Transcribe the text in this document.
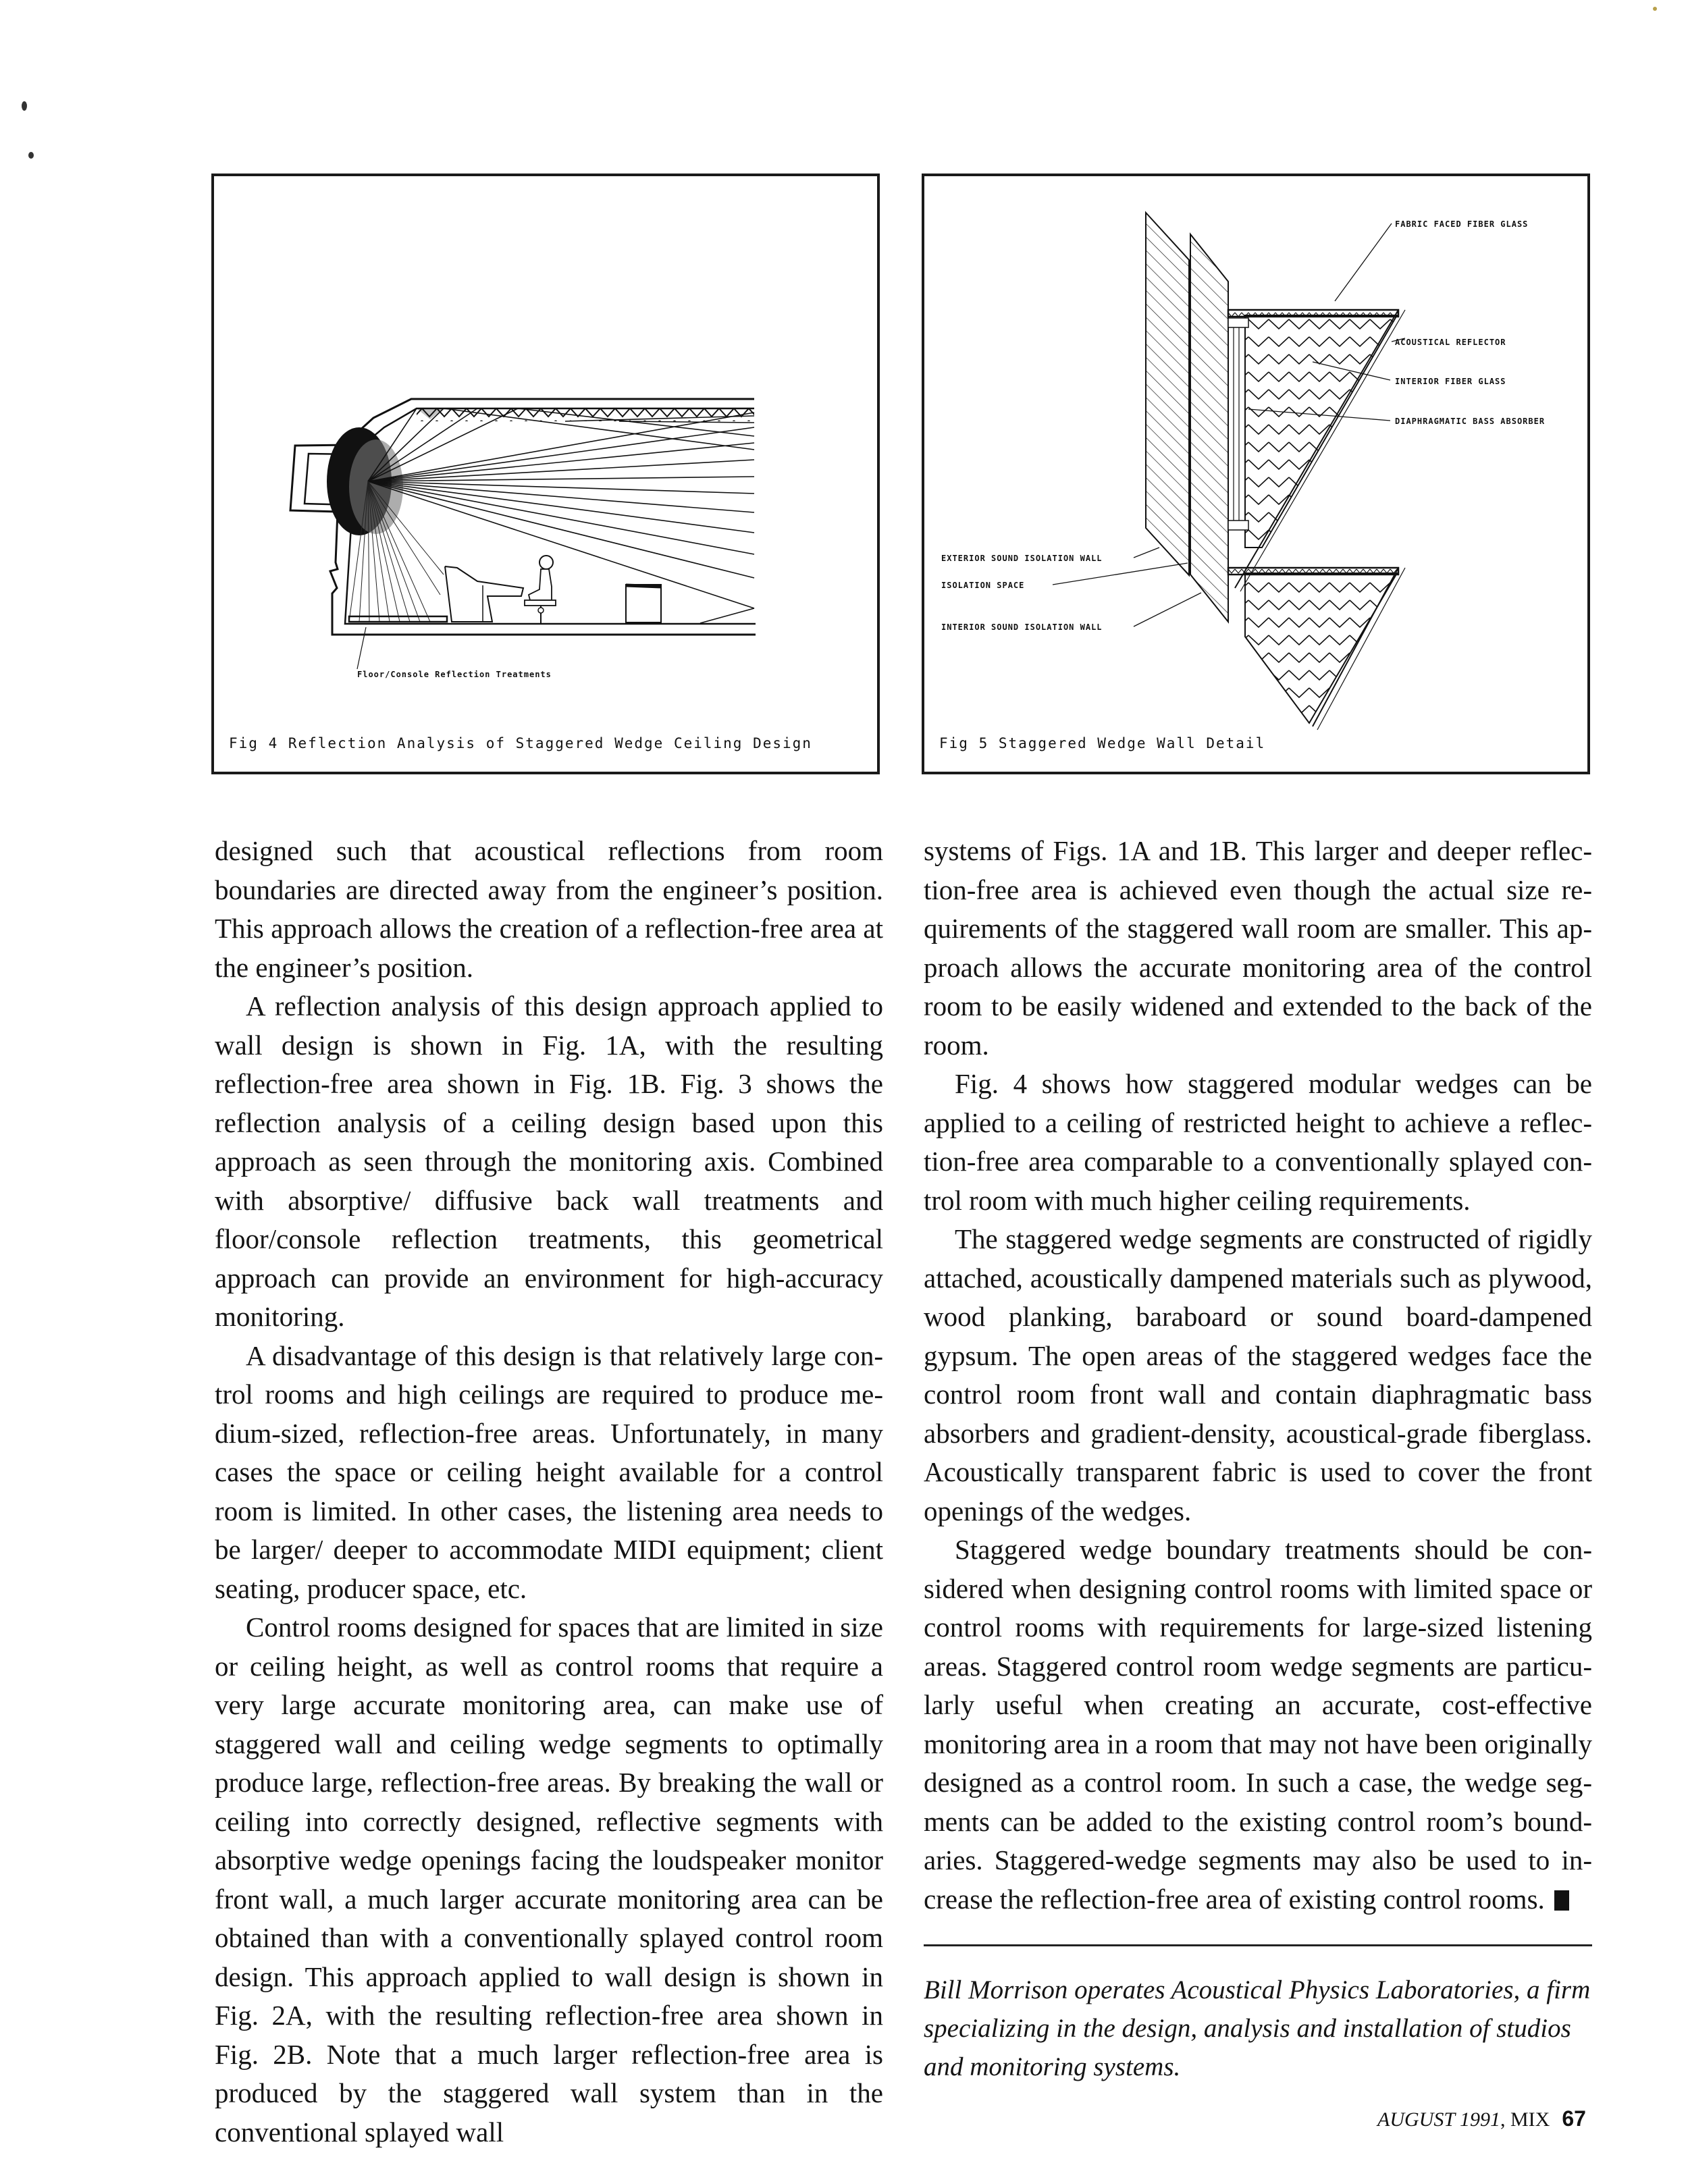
Floor/Console Reflection Treatments
Fig 4 Reflection Analysis of Staggered Wedge Ceiling Design
FABRIC FACED FIBER GLASS
ACOUSTICAL REFLECTOR
INTERIOR FIBER GLASS
DIAPHRAGMATIC BASS ABSORBER
EXTERIOR SOUND ISOLATION WALL
ISOLATION SPACE
INTERIOR SOUND ISOLATION WALL
Fig 5 Staggered Wedge Wall Detail

designed such that acoustical reflections from room boundaries are directed away from the engineer’s position. This approach allows the creation of a reflection-free area at the engineer’s position.

A reflection analysis of this design approach applied to wall design is shown in Fig. 1A, with the resulting reflection-free area shown in Fig. 1B. Fig. 3 shows the reflection analysis of a ceiling design based upon this approach as seen through the monitoring axis. Combined with absorptive/ diffusive back wall treatments and floor/console reflection treatments, this geometrical approach can provide an environment for high-accuracy monitoring.

A disadvantage of this design is that relatively large control rooms and high ceilings are required to produce medium-sized, reflection-free areas. Unfortunately, in many cases the space or ceiling height available for a control room is limited. In other cases, the listening area needs to be larger/ deeper to accommodate MIDI equipment; client seating, producer space, etc.

Control rooms designed for spaces that are limited in size or ceiling height, as well as control rooms that require a very large accurate monitoring area, can make use of staggered wall and ceiling wedge segments to optimally produce large, reflection-free areas. By breaking the wall or ceiling into correctly designed, reflective segments with absorptive wedge openings facing the loudspeaker monitor front wall, a much larger accurate monitoring area can be obtained than with a conventionally splayed control room design. This approach applied to wall design is shown in Fig. 2A, with the resulting reflection-free area shown in Fig. 2B. Note that a much larger reflection-free area is produced by the staggered wall system than in the conventional splayed wall

systems of Figs. 1A and 1B. This larger and deeper reflection-free area is achieved even though the actual size requirements of the staggered wall room are smaller. This approach allows the accurate monitoring area of the control room to be easily widened and extended to the back of the room.

Fig. 4 shows how staggered modular wedges can be applied to a ceiling of restricted height to achieve a reflection-free area comparable to a conventionally splayed control room with much higher ceiling requirements.

The staggered wedge segments are constructed of rigidly attached, acoustically dampened materials such as plywood, wood planking, baraboard or sound board-dampened gypsum. The open areas of the staggered wedges face the control room front wall and contain diaphragmatic bass absorbers and gradient-density, acoustical-grade fiberglass. Acoustically transparent fabric is used to cover the front openings of the wedges.

Staggered wedge boundary treatments should be considered when designing control rooms with limited space or control rooms with requirements for large-sized listening areas. Staggered control room wedge segments are particularly useful when creating an accurate, cost-effective monitoring area in a room that may not have been originally designed as a control room. In such a case, the wedge segments can be added to the existing control room’s boundaries. Staggered-wedge segments may also be used to increase the reflection-free area of existing control rooms.

Bill Morrison operates Acoustical Physics Laboratories, a firm specializing in the design, analysis and installation of studios and monitoring systems.

AUGUST 1991, MIX 67
